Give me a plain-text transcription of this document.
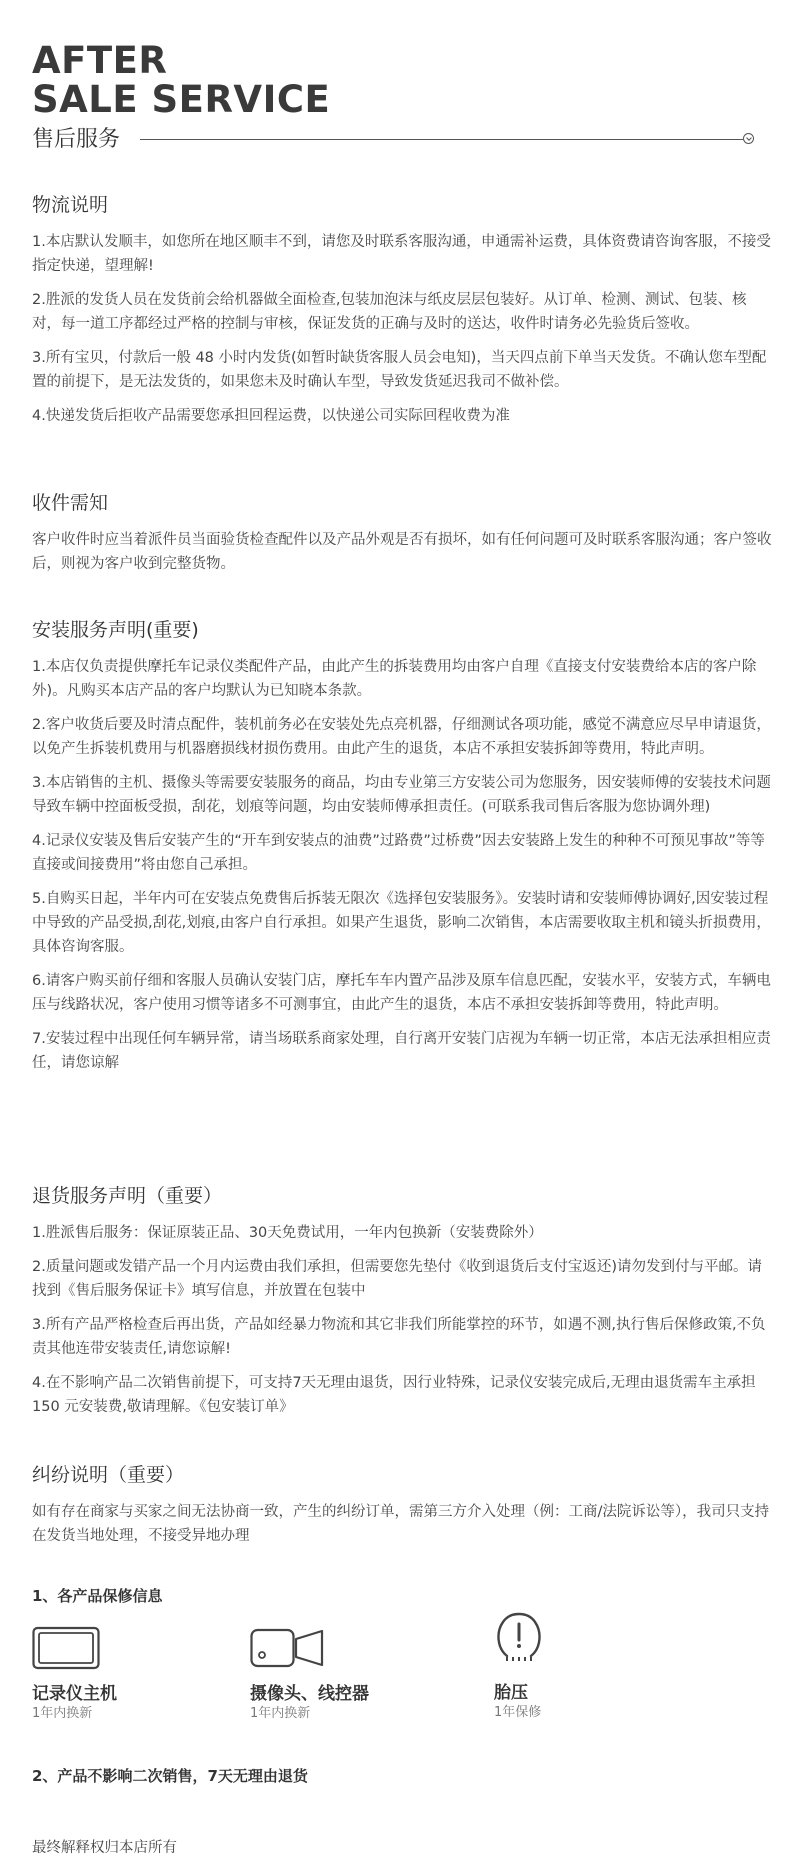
AFTER
SALE SERVICE
售后服务
物流说明

1.本店默认发顺丰，如您所在地区顺丰不到，请您及时联系客服沟通，申通需补运费，具体资费请咨询客服，不接受指定快递，望理解!

2.胜派的发货人员在发货前会给机器做全面检查,包装加泡沫与纸皮层层包装好。从订单、检测、测试、包装、核对，每一道工序都经过严格的控制与审核，保证发货的正确与及时的送达，收件时请务必先验货后签收。

3.所有宝贝，付款后一般 48 小时内发货(如暂时缺货客服人员会电知)，当天四点前下单当天发货。不确认您车型配置的前提下，是无法发货的，如果您未及时确认车型，导致发货延迟我司不做补偿。

4.快递发货后拒收产品需要您承担回程运费，以快递公司实际回程收费为准

收件需知

客户收件时应当着派件员当面验货检查配件以及产品外观是否有损坏，如有任何问题可及时联系客服沟通；客户签收后，则视为客户收到完整货物。

安装服务声明(重要)

1.本店仅负责提供摩托车记录仪类配件产品，由此产生的拆装费用均由客户自理《直接支付安装费给本店的客户除外)。凡购买本店产品的客户均默认为已知晓本条款。

2.客户收货后要及时清点配件，装机前务必在安装处先点亮机器，仔细测试各项功能，感觉不满意应尽早申请退货，以免产生拆装机费用与机器磨损线材损伤费用。由此产生的退货，本店不承担安装拆卸等费用，特此声明。

3.本店销售的主机、摄像头等需要安装服务的商品，均由专业第三方安装公司为您服务，因安装师傅的安装技术问题导致车辆中控面板受损，刮花，划痕等问题，均由安装师傅承担责任。(可联系我司售后客服为您协调外理)

4.记录仪安装及售后安装产生的“开车到安装点的油费”过路费”过桥费”因去安装路上发生的种种不可预见事故”等等直接或间接费用”将由您自己承担。

5.自购买日起，半年内可在安装点免费售后拆装无限次《选择包安装服务》。安装时请和安装师傅协调好,因安装过程中导致的产品受损,刮花,划痕,由客户自行承担。如果产生退货，影响二次销售，本店需要收取主机和镜头折损费用，具体咨询客服。

6.请客户购买前仔细和客服人员确认安装门店，摩托车车内置产品涉及原车信息匹配，安装水平，安装方式，车辆电压与线路状况，客户使用习惯等诸多不可测事宜，由此产生的退货，本店不承担安装拆卸等费用，特此声明。

7.安装过程中出现任何车辆异常，请当场联系商家处理，自行离开安装门店视为车辆一切正常，本店无法承担相应责任，请您谅解

退货服务声明（重要）

1.胜派售后服务：保证原装正品、30天免费试用，一年内包换新（安装费除外）

2.质量问题或发错产品一个月内运费由我们承担，但需要您先垫付《收到退货后支付宝返还)请勿发到付与平邮。请找到《售后服务保证卡》填写信息，并放置在包装中

3.所有产品严格检查后再出货，产品如经暴力物流和其它非我们所能掌控的环节，如遇不测,执行售后保修政策,不负责其他连带安装责任,请您谅解!

4.在不影响产品二次销售前提下，可支持7天无理由退货，因行业特殊，记录仪安装完成后,无理由退货需车主承担 150 元安装费,敬请理解。《包安装订单》

纠纷说明（重要）

如有存在商家与买家之间无法协商一致，产生的纠纷订单，需第三方介入处理（例：工商/法院诉讼等），我司只支持在发货当地处理，不接受异地办理

1、各产品保修信息
记录仪主机
1年内换新
摄像头、线控器
1年内换新
胎压
1年保修
2、产品不影响二次销售，7天无理由退货
最终解释权归本店所有
